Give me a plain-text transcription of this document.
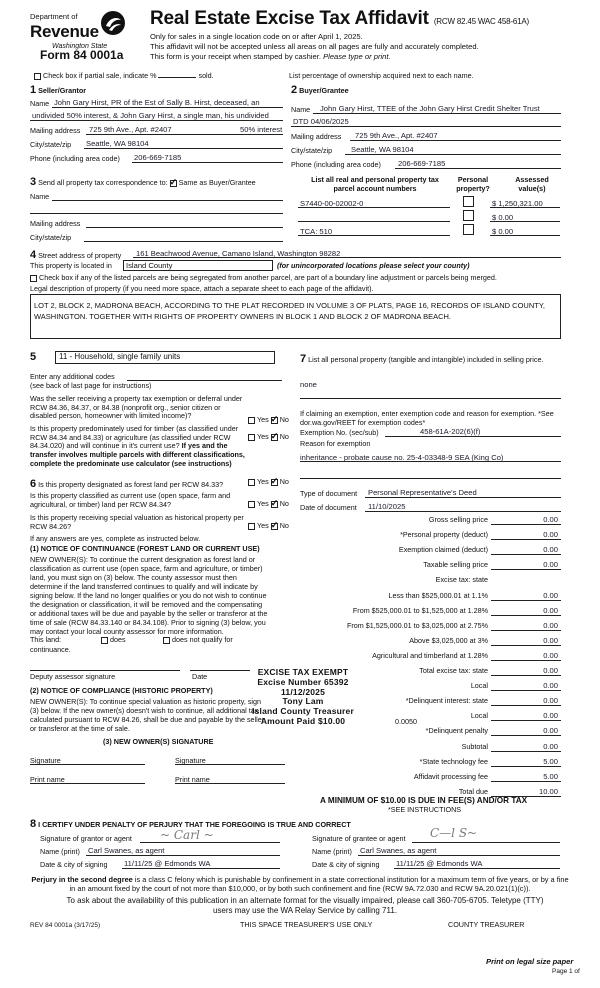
Department of
Revenue
Washington State
Form 84 0001a
Real Estate Excise Tax Affidavit (RCW 82.45 WAC 458-61A)
Only for sales in a single location code on or after April 1, 2025.
This affidavit will not be accepted unless all areas on all pages are fully and accurately completed.
This form is your receipt when stamped by cashier. Please type or print.
Check box if partial sale, indicate %	sold.	List percentage of ownership acquired next to each name.
1 Seller/Grantor
Name John Gary Hirst, PR of the Est of Sally B. Hirst, deceased, an
undivided 50% interest, & John Gary Hirst, a single man, his undivided
Mailing address 725 9th Ave., Apt. #2407	50% interest
City/state/zip Seattle, WA 98104
Phone (including area code) 206-669-7185
2 Buyer/Grantee
Name John Gary Hirst, TTEE of the John Gary Hirst Credit Shelter Trust
DTD 04/06/2025
Mailing address 725 9th Ave., Apt. #2407
City/state/zip Seattle, WA 98104
Phone (including area code) 206-669-7185
3 Send all property tax correspondence to: ✓ Same as Buyer/Grantee
Name
Mailing address
City/state/zip
List all real and personal property tax
parcel account numbers
Personal
property?
Assessed
value(s)
S7440-00-02002-0	$ 1,250,321.00
$ 0.00
TCA: 510	$ 0.00
4 Street address of property 161 Beachwood Avenue, Camano Island, Washington 98282
This property is located in	Island County	(for unincorporated locations please select your county)
Check box if any of the listed parcels are being segregated from another parcel, are part of a boundary line adjustment or parcels being merged.
Legal description of property (if you need more space, attach a separate sheet to each page of the affidavit).
LOT 2, BLOCK 2, MADRONA BEACH, ACCORDING TO THE PLAT RECORDED IN VOLUME 3 OF PLATS, PAGE 16, RECORDS OF ISLAND COUNTY, WASHINGTON. TOGETHER WITH RIGHTS OF PROPERTY OWNERS IN BLOCK 1 AND BLOCK 2 OF MADRONA BEACH.
5	11 - Household, single family units
Enter any additional codes
(see back of last page for instructions)
Was the seller receiving a property tax exemption or deferral under RCW 84.36, 84.37, or 84.38 (nonprofit org., senior citizen or disabled person, homeowner with limited income)?	Yes ✓ No
Is this property predominately used for timber (as classified under RCW 84.34 and 84.33) or agriculture (as classified under RCW 84.34.020) and will continue in it's current use? If yes and the transfer involves multiple parcels with different classifications, complete the predominate use calculator (see instructions)
Yes ✓ No
6 Is this property designated as forest land per RCW 84.33?	Yes ✓ No
Is this property classified as current use (open space, farm and agricultural, or timber) land per RCW 84.34?	Yes ✓ No
Is this property receiving special valuation as historical property per RCW 84.26?	Yes ✓ No
If any answers are yes, complete as instructed below.
(1) NOTICE OF CONTINUANCE (FOREST LAND OR CURRENT USE)
NEW OWNER(S): To continue the current designation as forest land or classification as current use (open space, farm and agriculture, or timber) land, you must sign on (3) below. The county assessor must then determine if the land transferred continues to qualify and will indicate by signing below. If the land no longer qualifies or you do not wish to continue the designation or classification, it will be removed and the compensating or additional taxes will be due and payable by the seller or transferor at the time of sale (RCW 84.33.140 or 84.34.108). Prior to signing (3) below, you may contact your local county assessor for more information.
This land:
continuance.
does	does not qualify for
Deputy assessor signature	Date
(2) NOTICE OF COMPLIANCE (HISTORIC PROPERTY)
NEW OWNER(S): To continue special valuation as historic property, sign (3) below. If the new owner(s) doesn't wish to continue, all additional tax calculated pursuant to RCW 84.26, shall be due and payable by the seller or transferor at the time of sale.
(3) NEW OWNER(S) SIGNATURE
Signature	Signature
Print name	Print name
7 List all personal property (tangible and intangible) included in selling price.
none
If claiming an exemption, enter exemption code and reason for exemption. *See dor.wa.gov/REET for exemption codes*
Exemption No. (sec/sub)	458-61A-202(6)(f)
Reason for exemption
inheritance - probate cause no. 25-4-03348-9 SEA (King Co)
Type of document Personal Representative's Deed
Date of document 11/10/2025
Gross selling price	0.00
*Personal property (deduct)	0.00
Exemption claimed (deduct)	0.00
Taxable selling price	0.00
Excise tax: state
Less than $525,000.01 at 1.1%	0.00
From $525,000.01 to $1,525,000 at 1.28%	0.00
From $1,525,000.01 to $3,025,000 at 2.75%	0.00
Above $3,025,000 at 3%	0.00
Agricultural and timberland at 1.28%	0.00
Total excise tax: state	0.00
Local	0.00
*Delinquent interest: state	0.00
Local	0.00
*Delinquent penalty	0.00
Subtotal	0.00
*State technology fee	5.00
Affidavit processing fee	5.00
Total due	10.00
0.0050
A MINIMUM OF $10.00 IS DUE IN FEE(S) AND/OR TAX
*SEE INSTRUCTIONS
EXCISE TAX EXEMPT
Excise Number 65392
11/12/2025
Tony Lam
Island County Treasurer
Amount Paid $10.00
8 I CERTIFY UNDER PENALTY OF PERJURY THAT THE FOREGOING IS TRUE AND CORRECT
Signature of grantor or agent ~ Carl ~
Name (print) Carl Swanes, as agent
Date & city of signing 11/11/25 @ Edmonds WA
Signature of grantee or agent C—l S~
Name (print) Carl Swanes, as agent
Date & city of signing 11/11/25 @ Edmonds WA
Perjury in the second degree is a class C felony which is punishable by confinement in a state correctional institution for a maximum term of five years, or by a fine in an amount fixed by the court of not more than $10,000, or by both such confinement and fine (RCW 9A.72.030 and RCW 9A.20.021(1)(c)).
To ask about the availability of this publication in an alternate format for the visually impaired, please call 360-705-6705. Teletype (TTY) users may use the WA Relay Service by calling 711.
REV 84 0001a (3/17/25)	THIS SPACE TREASURER'S USE ONLY	COUNTY TREASURER
Print on legal size paper
Page 1 of
